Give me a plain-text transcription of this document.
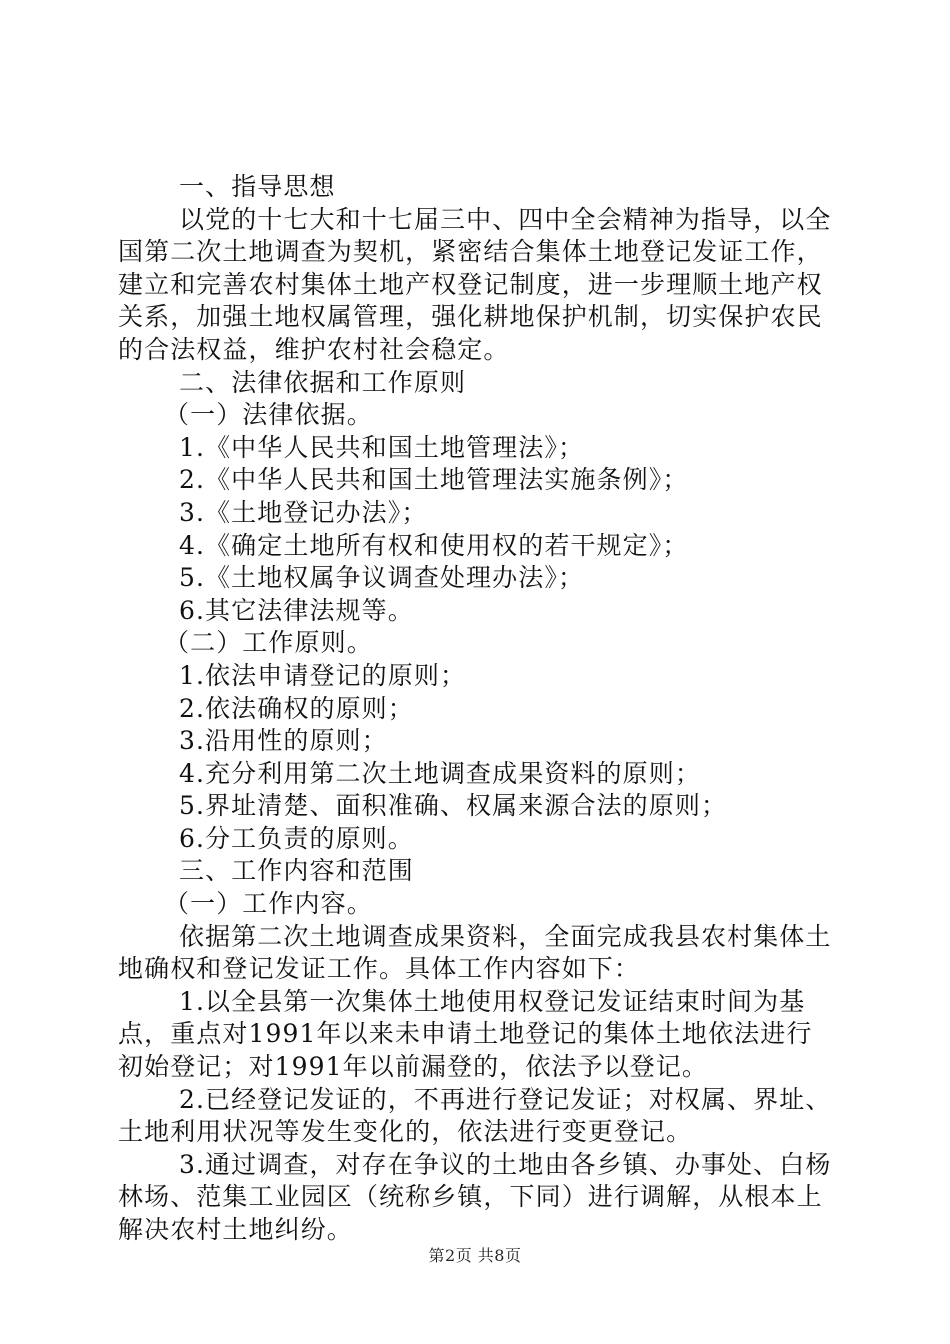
一、指导思想

以党的十七大和十七届三中、四中全会精神为指导，以全国第二次土地调查为契机，紧密结合集体土地登记发证工作，建立和完善农村集体土地产权登记制度，进一步理顺土地产权关系，加强土地权属管理，强化耕地保护机制，切实保护农民的合法权益，维护农村社会稳定。

二、法律依据和工作原则

（一）法律依据。

1.《中华人民共和国土地管理法》；

2.《中华人民共和国土地管理法实施条例》；

3.《土地登记办法》；

4.《确定土地所有权和使用权的若干规定》；

5.《土地权属争议调查处理办法》；

6.其它法律法规等。

（二）工作原则。

1.依法申请登记的原则；

2.依法确权的原则；

3.沿用性的原则；

4.充分利用第二次土地调查成果资料的原则；

5.界址清楚、面积准确、权属来源合法的原则；

6.分工负责的原则。

三、工作内容和范围

（一）工作内容。

依据第二次土地调查成果资料，全面完成我县农村集体土地确权和登记发证工作。具体工作内容如下：

1.以全县第一次集体土地使用权登记发证结束时间为基点，重点对1991年以来未申请土地登记的集体土地依法进行初始登记；对1991年以前漏登的，依法予以登记。

2.已经登记发证的，不再进行登记发证；对权属、界址、土地利用状况等发生变化的，依法进行变更登记。

3.通过调查，对存在争议的土地由各乡镇、办事处、白杨林场、范集工业园区（统称乡镇，下同）进行调解，从根本上解决农村土地纠纷。

第2页 共8页
